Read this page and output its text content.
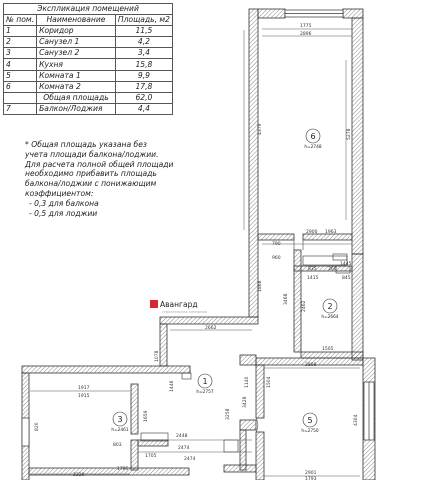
Экспликация помещений		
№ пом.	Наименование	Площадь, м2
1	Коридор	11,5
2	Санузел 1	4,2
3	Санузел 2	3,4
4	Кухня	15,8
5	Комната 1	9,9
6	Комната 2	17,8
	Общая площадь	62,0
7	Балкон/Лоджия	4,4
* Общая площадь указана без
учета площади балкона/лоджии.
Для расчета полной общей площади
необходимо прибавить площадь
балкона/лоджии с понижающим
коэффициентом:
- 0,3 для балкона
- 0,5 для лоджии
1775
2896
4379	5278
2900
790
1963
960
835	360
1415	845
1445
1868
3468
2462
1505
2662
1078
1446
2898
4304
1504
1917
1915
1659
803
2448
3258
2474
2901
1793
2329
3428
1785
1705
1140
2474
820
6
h=2748
2
h=2664
1
h=2757
3
h=2461
5
h=2750
Авангард
строительная компания
